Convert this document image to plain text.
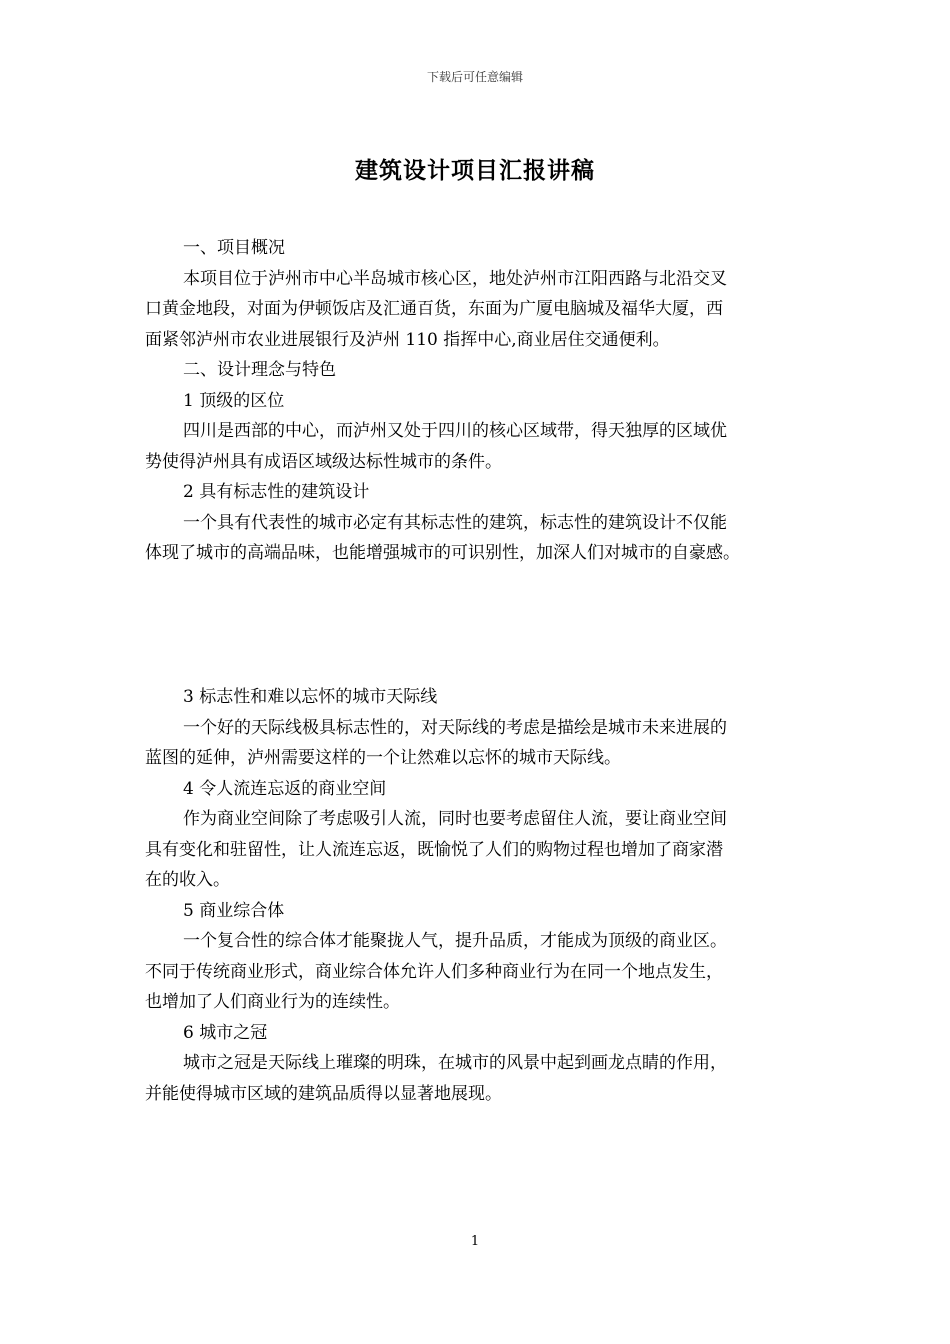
下载后可任意编辑
建筑设计项目汇报讲稿
一、项目概况
本项目位于泸州市中心半岛城市核心区，地处泸州市江阳西路与北沿交叉
口黄金地段，对面为伊顿饭店及汇通百货，东面为广厦电脑城及福华大厦，西
面紧邻泸州市农业进展银行及泸州 110 指挥中心,商业居住交通便利。
二、设计理念与特色
1 顶级的区位
四川是西部的中心，而泸州又处于四川的核心区域带，得天独厚的区域优
势使得泸州具有成语区域级达标性城市的条件。
2 具有标志性的建筑设计
一个具有代表性的城市必定有其标志性的建筑，标志性的建筑设计不仅能
体现了城市的高端品味，也能增强城市的可识别性，加深人们对城市的自豪感。
3 标志性和难以忘怀的城市天际线
一个好的天际线极具标志性的，对天际线的考虑是描绘是城市未来进展的
蓝图的延伸，泸州需要这样的一个让然难以忘怀的城市天际线。
4 令人流连忘返的商业空间
作为商业空间除了考虑吸引人流，同时也要考虑留住人流，要让商业空间
具有变化和驻留性，让人流连忘返，既愉悦了人们的购物过程也增加了商家潜
在的收入。
5 商业综合体
一个复合性的综合体才能聚拢人气，提升品质，才能成为顶级的商业区。
不同于传统商业形式，商业综合体允许人们多种商业行为在同一个地点发生，
也增加了人们商业行为的连续性。
6 城市之冠
城市之冠是天际线上璀璨的明珠，在城市的风景中起到画龙点睛的作用，
并能使得城市区域的建筑品质得以显著地展现。
1
